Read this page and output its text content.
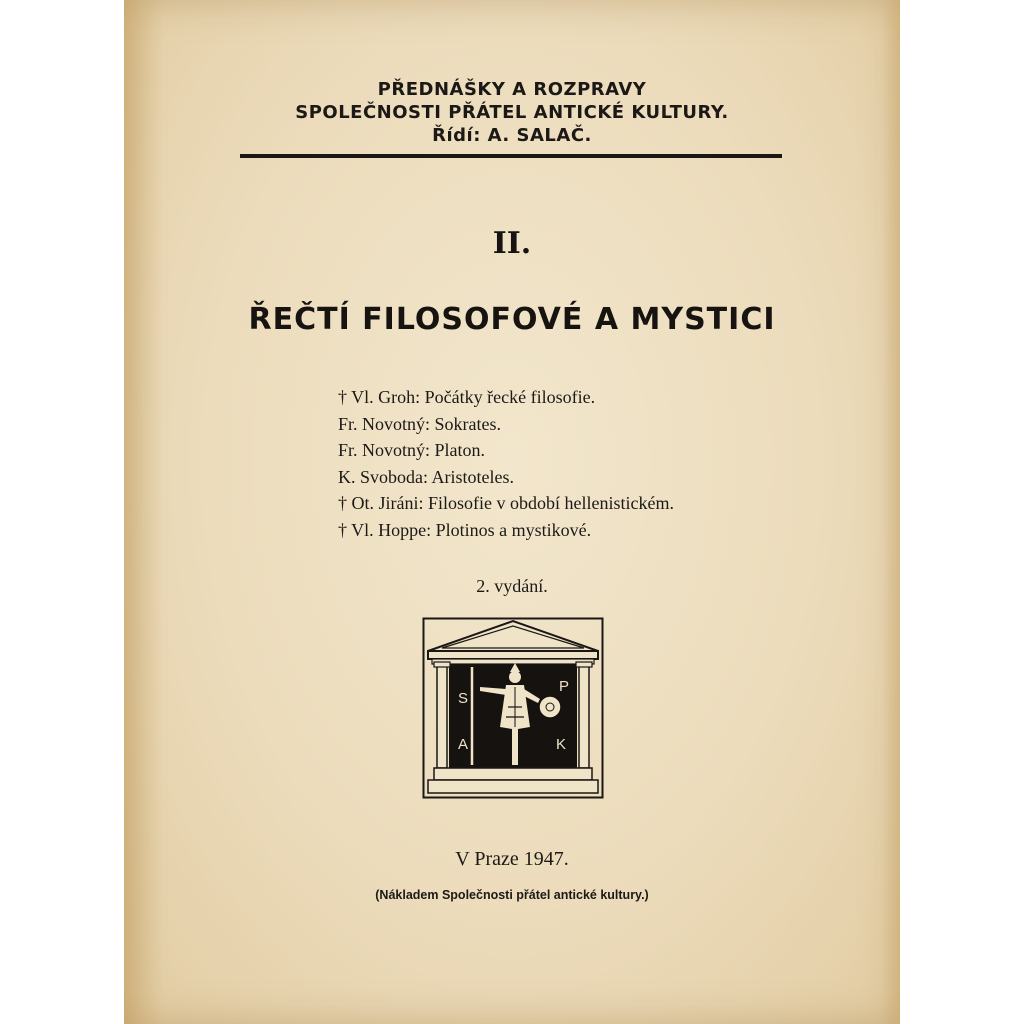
PŘEDNÁŠKY A ROZPRAVY
SPOLEČNOSTI PŘÁTEL ANTICKÉ KULTURY.
Řídí: A. SALAČ.
II.
ŘEČTÍ FILOSOFOVÉ A MYSTICI
† Vl. Groh: Počátky řecké filosofie.
Fr. Novotný: Sokrates.
Fr. Novotný: Platon.
K. Svoboda: Aristoteles.
† Ot. Jiráni: Filosofie v období hellenistickém.
† Vl. Hoppe: Plotinos a mystikové.
2. vydání.
S
P
A	K
V Praze 1947.
(Nákladem Společnosti přátel antické kultury.)
